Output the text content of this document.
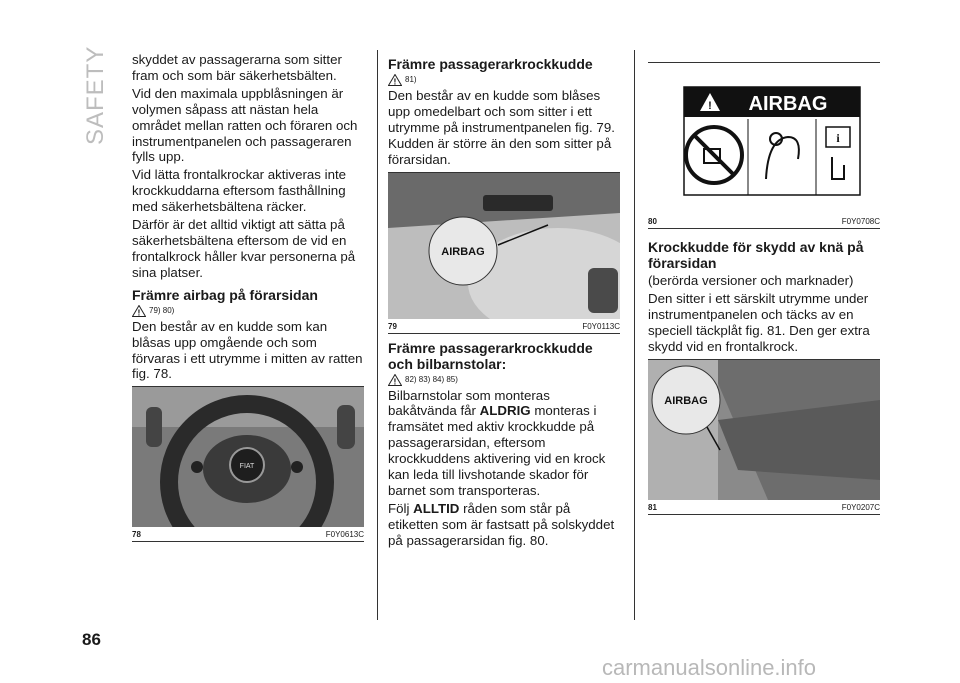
SAFETY skyddet av passagerarna som sitter fram och som bär säkerhetsbälten.

Vid den maximala uppblåsningen är volymen såpass att nästan hela området mellan ratten och föraren och instrumentpanelen och passageraren fylls upp.

Vid lätta frontalkrockar aktiveras inte krockkuddarna eftersom fasthållning med säkerhetsbältena räcker.

Därför är det alltid viktigt att sätta på säkerhetsbältena eftersom de vid en frontalkrock håller kvar personerna på sina platser.

Främre airbag på förarsidan
! 79) 80)

Den består av en kudde som kan blåsas upp omgående och som förvaras i ett utrymme i mitten av ratten fig. 78.

FIAT
78	F0Y0613C
Främre passagerarkrockkudde
! 81)

Den består av en kudde som blåses upp omedelbart och som sitter i ett utrymme på instrumentpanelen fig. 79. Kudden är större än den som sitter på förarsidan.

AIRBAG
79	F0Y0113C
Främre passagerarkrockkudde och bilbarnstolar:
! 82) 83) 84) 85)

Bilbarnstolar som monteras bakåtvända får ALDRIG monteras i framsätet med aktiv krockkudde på passagerarsidan, eftersom krockkuddens aktivering vid en krock kan leda till livshotande skador för barnet som transporteras.

Följ ALLTID råden som står på etiketten som är fastsatt på solskyddet på passagerarsidan fig. 80.

! AIRBAG
i
80	F0Y0708C
Krockkudde för skydd av knä på förarsidan

(berörda versioner och marknader)

Den sitter i ett särskilt utrymme under instrumentpanelen och täcks av en speciell täckplåt fig. 81. Den ger extra skydd vid en frontalkrock.

AIRBAG
81	F0Y0207C
86
carmanualsonline.info
